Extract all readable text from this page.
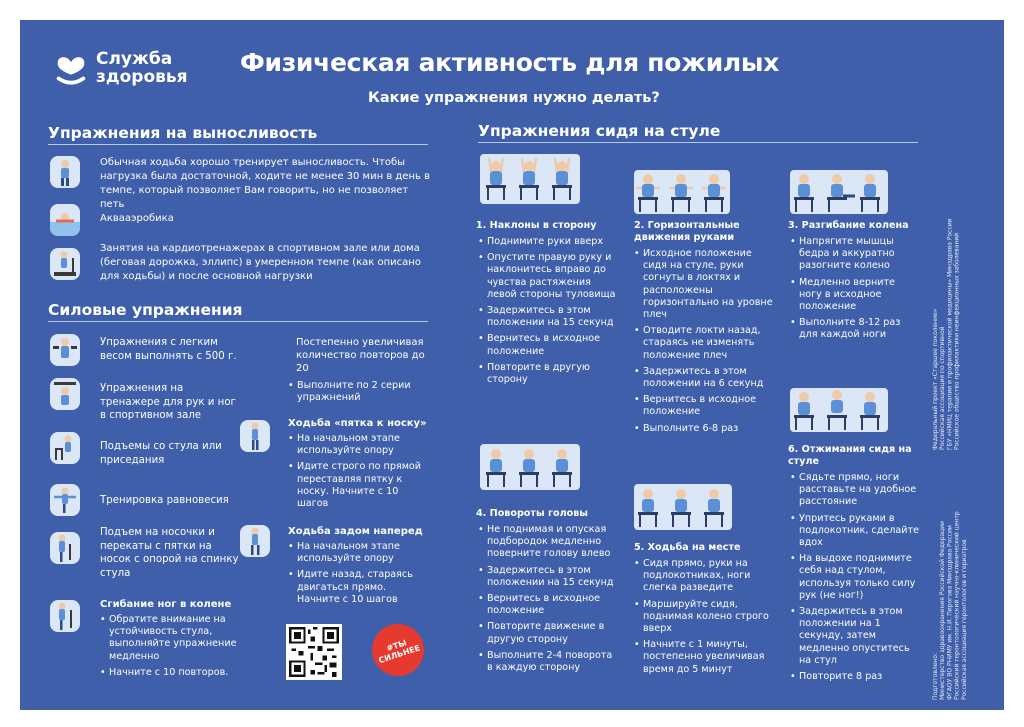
Служба
здоровья Физическая активность для пожилых
Какие упражнения нужно делать?
Упражнения на выносливость
Обычная ходьба хорошо тренирует выносливость. Чтобы нагрузка была достаточной, ходите не менее 30 мин в день в темпе, который позволяет Вам говорить, но не позволяет петь
Аквааэробика
Занятия на кардиотренажерах в спортивном зале или дома (беговая дорожка, эллипс) в умеренном темпе (как описано для ходьбы) и после основной нагрузки
Силовые упражнения
Упражнения с легким весом выполнять с 500 г.
Упражнения на тренажере для рук и ног в спортивном зале
Подъемы со стула или приседания
Тренировка равновесия
Подъем на носочки и перекаты с пятки на носок с опорой на спинку стула
Сгибание ног в колене
• Обратите внимание на устойчивость стула, выполняйте упражнение медленно
• Начните с 10 повторов.
Постепенно увеличивая количество повторов до 20
• Выполните по 2 серии упражнений
Ходьба «пятка к носку»
• На начальном этапе используйте опору
• Идите строго по прямой переставляя пятку к носку. Начните с 10 шагов
Ходьба задом наперед
• На начальном этапе используйте опору
• Идите назад, стараясь двигаться прямо. Начните с 10 шагов
#ТЫ СИЛЬНЕЕ
Упражнения сидя на стуле
1. Наклоны в сторону
• Поднимите руки вверх
• Опустите правую руку и наклонитесь вправо до чувства растяжения левой стороны туловища
• Задержитесь в этом положении на 15 секунд
• Вернитесь в исходное положение
• Повторите в другую сторону
2. Горизонтальные движения руками
• Исходное положение сидя на стуле, руки согнуты в локтях и расположены горизонтально на уровне плеч
• Отводите локти назад, стараясь не изменять положение плеч
• Задержитесь в этом положении на 6 секунд
• Вернитесь в исходное положение
• Выполните 6-8 раз
3. Разгибание колена
• Напрягите мышцы бедра и аккуратно разогните колено
• Медленно верните ногу в исходное положение
• Выполните 8-12 раз для каждой ноги
4. Повороты головы
• Не поднимая и опуская подбородок медленно поверните голову влево
• Задержитесь в этом положении на 15 секунд
• Вернитесь в исходное положение
• Повторите движение в другую сторону
• Выполните 2-4 поворота в каждую сторону
5. Ходьба на месте
• Сидя прямо, руки на подлокотниках, ноги слегка разведите
• Маршируйте сидя, поднимая колено строго вверх
• Начните с 1 минуты, постепенно увеличивая время до 5 минут
6. Отжимания сидя на стуле
• Сядьте прямо, ноги расставьте на удобное расстояние
• Упритесь руками в подлокотник, сделайте вдох
• На выдохе поднимите себя над стулом, используя только силу рук (не ног!)
• Задержитесь в этом положении на 1 секунду, затем медленно опуститесь на стул
• Повторите 8 раз
Федеральный проект «Старшее поколение»
Российская ассоциация по спортивной
ГБУ «НМИЦ терапии и профилактической медицины» Минздрава России
Российское общество профилактики неинфекционных заболеваний
Подготовлено:
Министерство здравоохранения Российской Федерации
ФГАОУ ВО РНИМУ им. Н.И. Пирогова Минздрава России
Российский геронтологический научно-клинический центр
Российская ассоциация геронтологов и гериатров
